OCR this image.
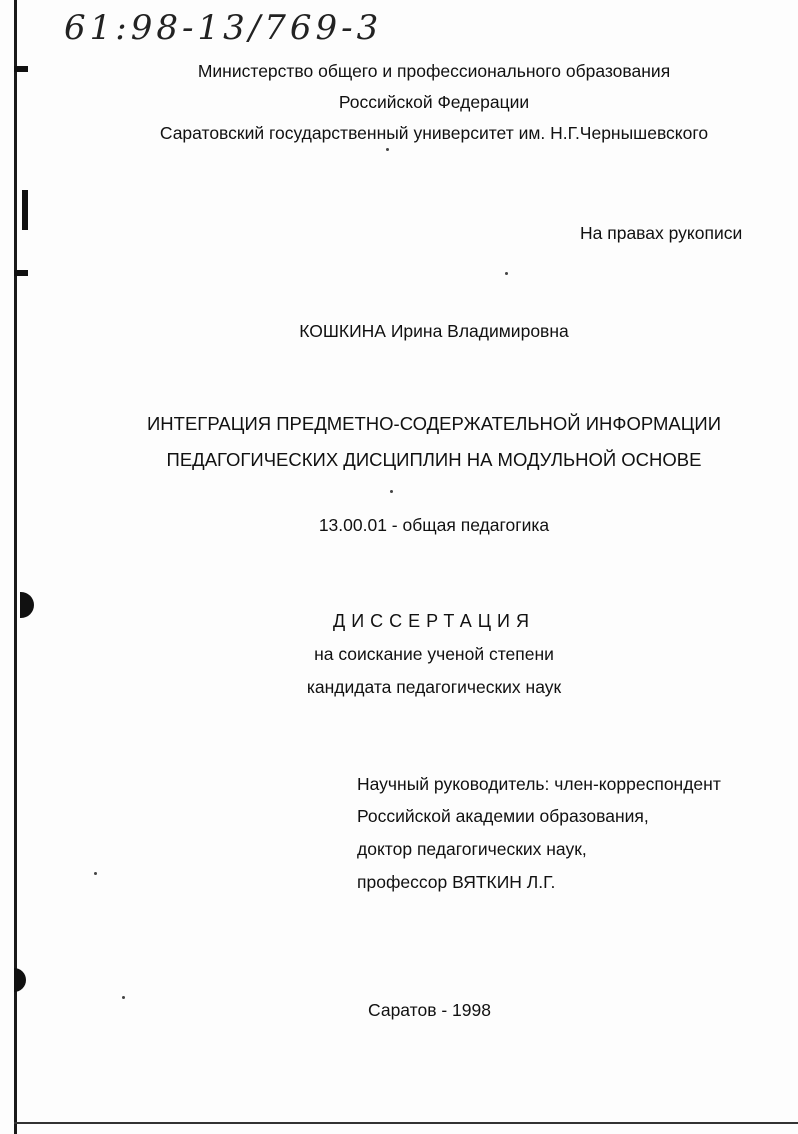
61:98-13/769-3
Министерство общего и профессионального образования
Российской Федерации
Саратовский государственный университет им. Н.Г.Чернышевского
На правах рукописи
КОШКИНА Ирина Владимировна
ИНТЕГРАЦИЯ ПРЕДМЕТНО-СОДЕРЖАТЕЛЬНОЙ ИНФОРМАЦИИ
ПЕДАГОГИЧЕСКИХ ДИСЦИПЛИН НА МОДУЛЬНОЙ ОСНОВЕ
13.00.01 - общая педагогика
ДИССЕРТАЦИЯ
на соискание ученой степени
кандидата педагогических наук
Научный руководитель: член-корреспондент
Российской академии образования,
доктор педагогических наук,
профессор ВЯТКИН Л.Г.
Саратов - 1998
